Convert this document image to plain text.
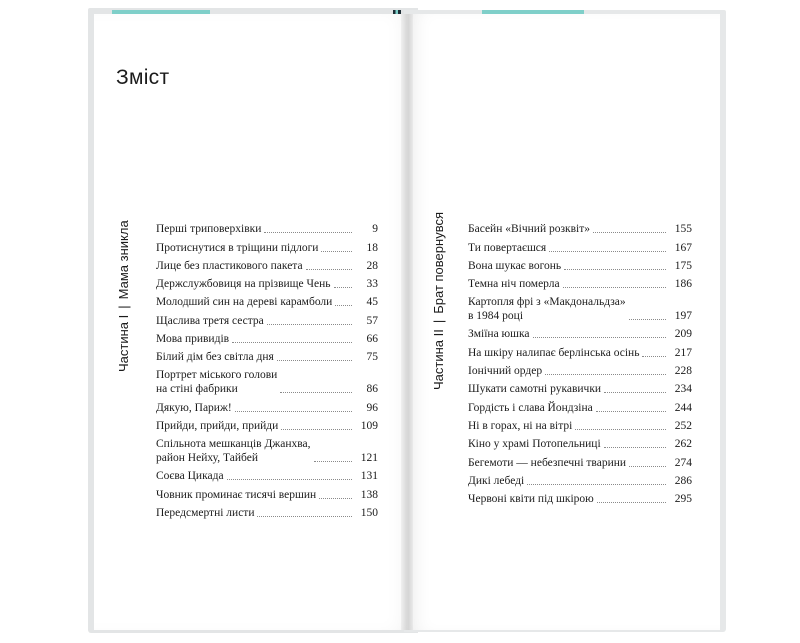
Зміст
Частина I|Мама зникла
Частина II|Брат повернувся
Перші триповерхівки	9
Протиснутися в тріщини підлоги	18
Лице без пластикового пакета	28
Держслужбовиця на прізвище Чень	33
Молодший син на дереві карамболи	45
Щаслива третя сестра	57
Мова привидів	66
Білий дім без світла дня	75
Портрет міського голови
на стіні фабрики	86
Дякую, Париж!	96
Прийди, прийди, прийди	109
Спільнота мешканців Джанхва,
район Нейху, Тайбей	121
Соєва Цикада	131
Човник проминає тисячі вершин	138
Передсмертні листи	150
Басейн «Вічний розквіт»	155
Ти повертаєшся	167
Вона шукає вогонь	175
Темна ніч померла	186
Картопля фрі з «Макдональдза»
в 1984 році	197
Зміїна юшка	209
На шкіру налипає берлінська осінь	217
Іонічний ордер	228
Шукати самотні рукавички	234
Гордість і слава Йондзіна	244
Ні в горах, ні на вітрі	252
Кіно у храмі Потопельниці	262
Бегемоти — небезпечні тварини	274
Дикі лебеді	286
Червоні квіти під шкірою	295
